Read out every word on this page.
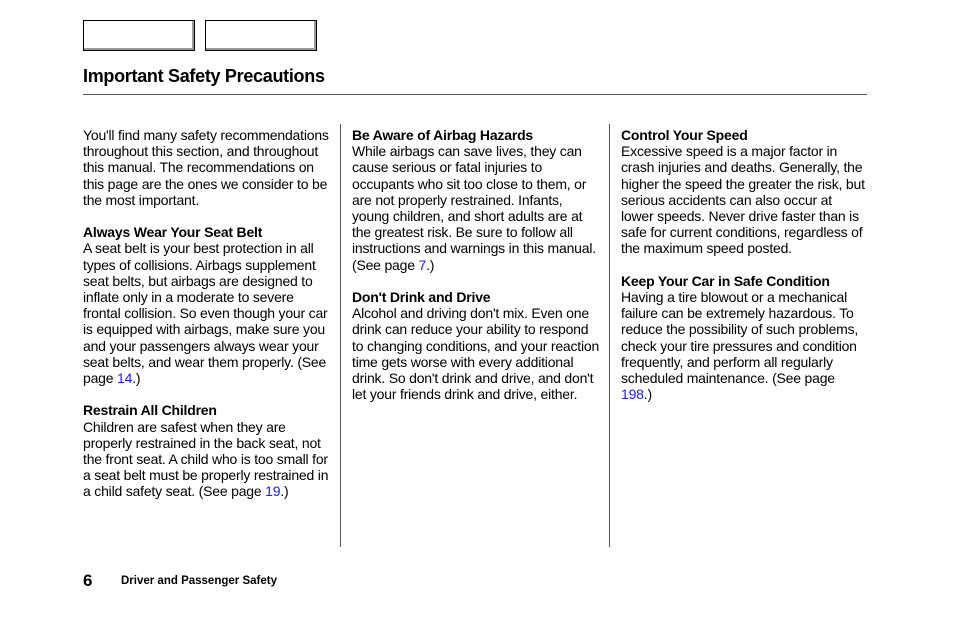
Important Safety Precautions
You'll find many safety recommendations throughout this section, and throughout this manual. The recommendations on this page are the ones we consider to be the most important.
Always Wear Your Seat Belt
A seat belt is your best protection in all types of collisions. Airbags supplement seat belts, but airbags are designed to inflate only in a moderate to severe frontal collision. So even though your car is equipped with airbags, make sure you and your passengers always wear your seat belts, and wear them properly. (See page 14.)
Restrain All Children
Children are safest when they are properly restrained in the back seat, not the front seat. A child who is too small for a seat belt must be properly restrained in a child safety seat. (See page 19.)
Be Aware of Airbag Hazards
While airbags can save lives, they can cause serious or fatal injuries to occupants who sit too close to them, or are not properly restrained. Infants, young children, and short adults are at the greatest risk. Be sure to follow all instructions and warnings in this manual. (See page 7.)
Don't Drink and Drive
Alcohol and driving don't mix. Even one drink can reduce your ability to respond to changing conditions, and your reaction time gets worse with every additional drink. So don't drink and drive, and don't let your friends drink and drive, either.
Control Your Speed
Excessive speed is a major factor in crash injuries and deaths. Generally, the higher the speed the greater the risk, but serious accidents can also occur at lower speeds. Never drive faster than is safe for current conditions, regardless of the maximum speed posted.
Keep Your Car in Safe Condition
Having a tire blowout or a mechanical failure can be extremely hazardous. To reduce the possibility of such problems, check your tire pressures and condition frequently, and perform all regularly scheduled maintenance. (See page 198.)
6 Driver and Passenger Safety
